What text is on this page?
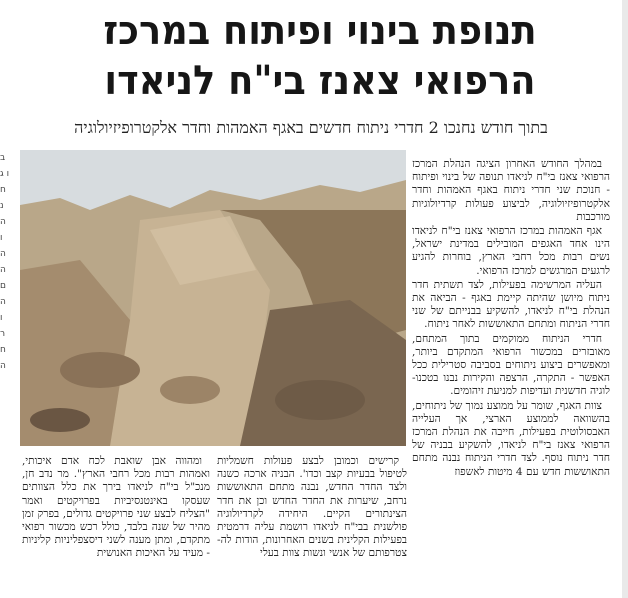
ב ו ג ח נ ה ו ה ה ם ה ו ר ח ה
תנופת בינוי ופיתוח במרכז
הרפואי צאנז בי"ח לניאדו
בתוך חודש נחנכו 2 חדרי ניתוח חדשים באגף האמהות וחדר אלקטרופיזיולוגיה

במהלך החודש האחרון הציגה הנהלת המרכז הרפואי צאנז בי"ח לניאדו תנופה של בינוי ופיתוח - חנוכת שני חדרי ניתוח באגף האמהות וחדר אלקטרופיזיולוגיה, לביצוע פעולות קרדיולוגיות מורכבות

אגף האמהות במרכז הרפואי צאנז בי"ח לניאדו הינו אחד האגפים המובילים במדינת ישראל, נשים רבות מכל רחבי הארץ, בוחרות להגיע לרגעים המרגשים למרכז הרפואי.

העליה המרשימה בפעילות, לצד תשתית חדר ניתוח מיושן שהיתה קיימת באגף - הביאה את הנהלת בי"ח לניאדו, להשקיע בבנייתם של שני חדרי הניתוח ומתחם התאוששות לאחר ניתוח.

חדרי הניתוח ממוקמים בתוך המתחם, מאובזרים במכשור הרפואי המתקדם ביותר, ומאפשרים ביצוע ניתוחים בסביבה סטרילית ככל האפשר - התקרה, הרצפה והקירות נבנו בטכנו- לוגיה חדשנית ועדיפות למניעת זיהומים.

צוות האגף, שומר על ממוצע נמוך של ניתוחים, בהשוואה לממוצע הארצי, אך העלייה האבסולוטית בפעילות, חייבה את הנהלת המרכז הרפואי צאנז בי"ח לניאדו, להשקיע בבניה של חדר ניתוח נוסף. לצד חדרי הניתוח נבנה מתחם התאוששות חדש עם 4 מיטות לאשפוז

קרישים וכמובן לבצע פעולות חשמליות לטיפול בבעיות קצב וכדו'. הבניה ארכה כשנה ולצד החדר החדש, נבנה מתחם התאוששות נרחב, שיערות את החדר החדש וכן את חדר הצינתורים הקיים. היחידה לקרדיולוגיה פולשנית בבי"ח לניאדו רושמת עליה דרמטית בפעילות הקלינית בשנים האחרונות, הודות לה- צטרפותם של אנשי ונשות צוות בעלי

ומהווה אבן שואבת לכח אדם איכותי, ואמהות רבות מכל רחבי הארץ". מר נדב חן, מנכ"ל בי"ח לניאדו בירך את כלל הצוותים שעסקו באינטנסיביות בפרויקטים ואמר "הצליח לבצע שני פרויקטים גדולים, בפרק זמן מהיר של שנה בלבד, כולל רכש מכשור רפואי מתקדם, ומתן מענה לשני דיסצפליניות קליניות - מעיד על האיכות האנושית
